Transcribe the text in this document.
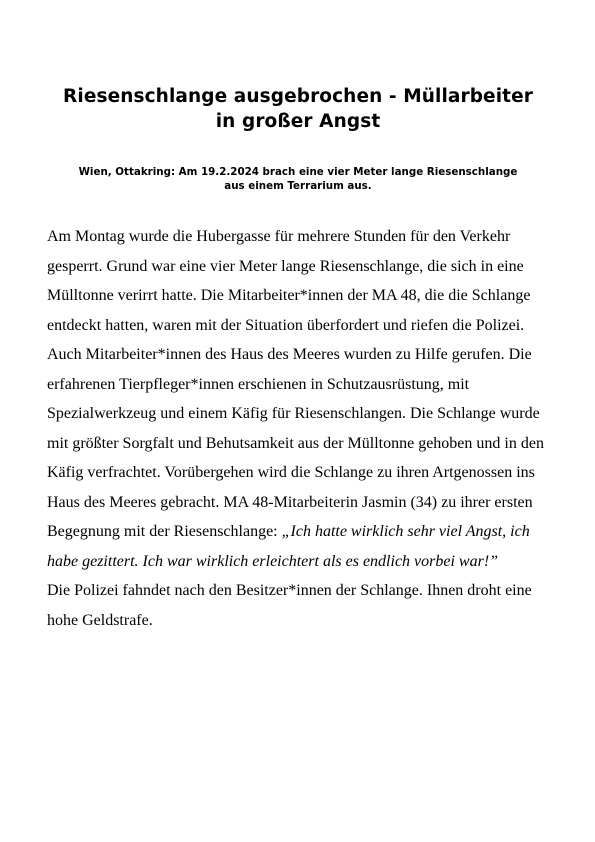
Riesenschlange ausgebrochen - Müllarbeiter
in großer Angst

Wien, Ottakring: Am 19.2.2024 brach eine vier Meter lange Riesenschlange
aus einem Terrarium aus.

Am Montag wurde die Hubergasse für mehrere Stunden für den Verkehr gesperrt. Grund war eine vier Meter lange Riesenschlange, die sich in eine Mülltonne verirrt hatte. Die Mitarbeiter*innen der MA 48, die die Schlange entdeckt hatten, waren mit der Situation überfordert und riefen die Polizei. Auch Mitarbeiter*innen des Haus des Meeres wurden zu Hilfe gerufen. Die erfahrenen Tierpfleger*innen erschienen in Schutzausrüstung, mit Spezialwerkzeug und einem Käfig für Riesenschlangen. Die Schlange wurde mit größter Sorgfalt und Behutsamkeit aus der Mülltonne gehoben und in den Käfig verfrachtet. Vorübergehen wird die Schlange zu ihren Artgenossen ins Haus des Meeres gebracht. MA 48-Mitarbeiterin Jasmin (34) zu ihrer ersten Begegnung mit der Riesenschlange: „Ich hatte wirklich sehr viel Angst, ich habe gezittert. Ich war wirklich erleichtert als es endlich vorbei war!”

Die Polizei fahndet nach den Besitzer*innen der Schlange. Ihnen droht eine hohe Geldstrafe.
